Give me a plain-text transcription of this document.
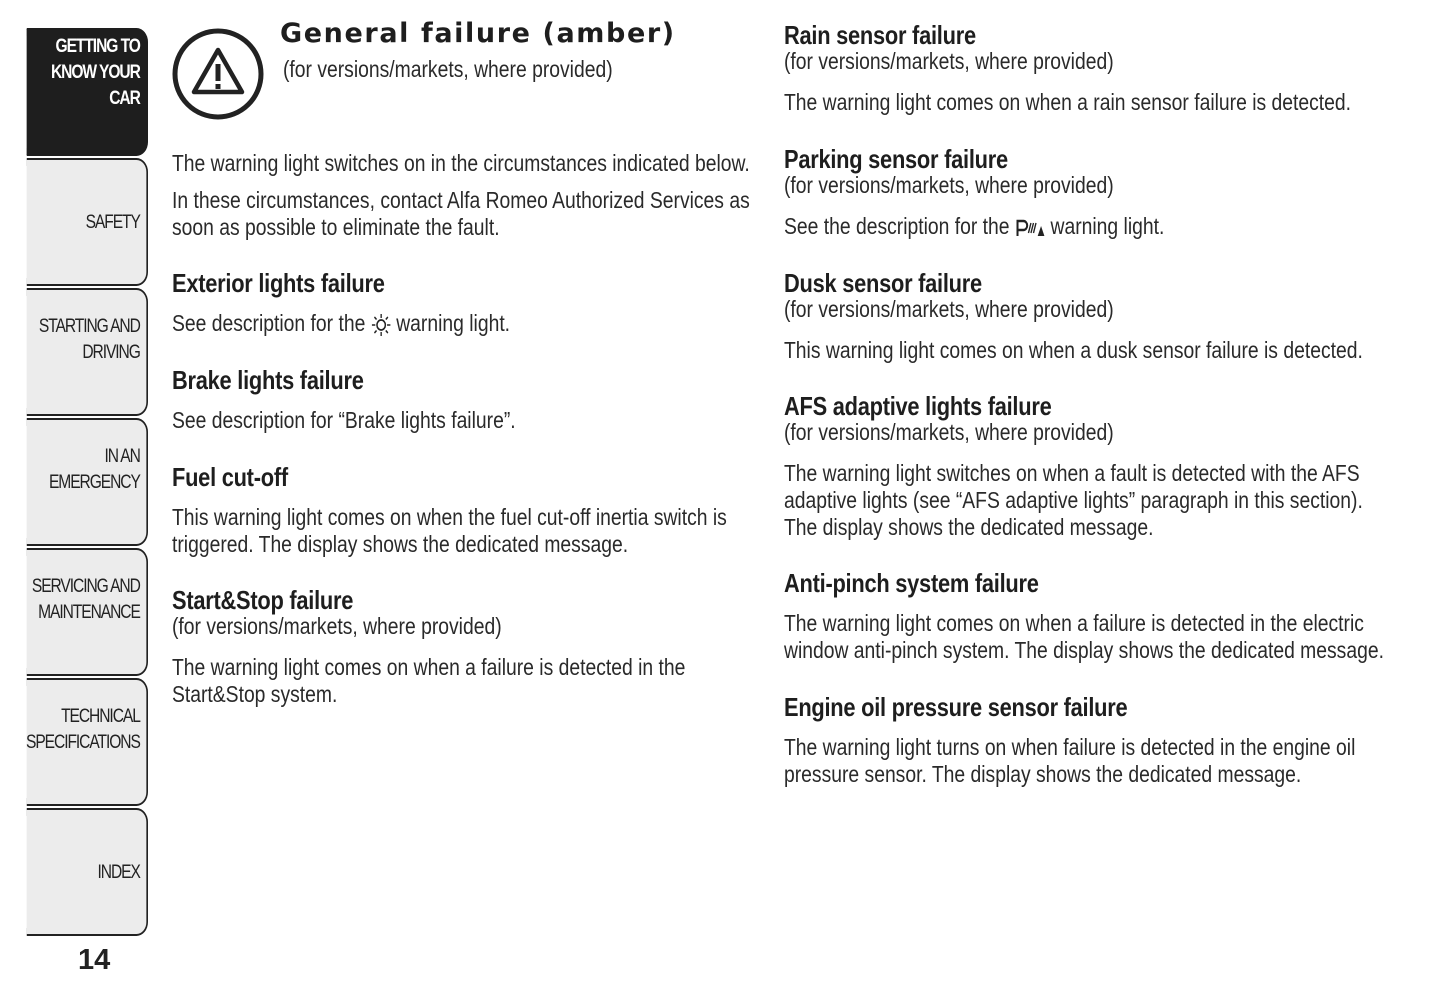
GETTING TO
KNOW YOUR CAR
SAFETY
STARTING AND
DRIVING
IN AN EMERGENCY
SERVICING AND
MAINTENANCE
TECHNICAL
SPECIFICATIONS
INDEX
14
General failure (amber)
(for versions/markets, where provided)
The warning light switches on in the circumstances indicated below.
In these circumstances, contact Alfa Romeo Authorized Services as
soon as possible to eliminate the fault.
Exterior lights failure
See description for the warning light.
Brake lights failure
See description for “Brake lights failure”.
Fuel cut-off
This warning light comes on when the fuel cut-off inertia switch is
triggered. The display shows the dedicated message.
Start&Stop failure
(for versions/markets, where provided)
The warning light comes on when a failure is detected in the
Start&Stop system.
Rain sensor failure
(for versions/markets, where provided)
The warning light comes on when a rain sensor failure is detected.
Parking sensor failure
(for versions/markets, where provided)
See the description for the warning light.
Dusk sensor failure
(for versions/markets, where provided)
This warning light comes on when a dusk sensor failure is detected.
AFS adaptive lights failure
(for versions/markets, where provided)
The warning light switches on when a fault is detected with the AFS
adaptive lights (see “AFS adaptive lights” paragraph in this section).
The display shows the dedicated message.
Anti-pinch system failure
The warning light comes on when a failure is detected in the electric
window anti-pinch system. The display shows the dedicated message.
Engine oil pressure sensor failure
The warning light turns on when failure is detected in the engine oil
pressure sensor. The display shows the dedicated message.
